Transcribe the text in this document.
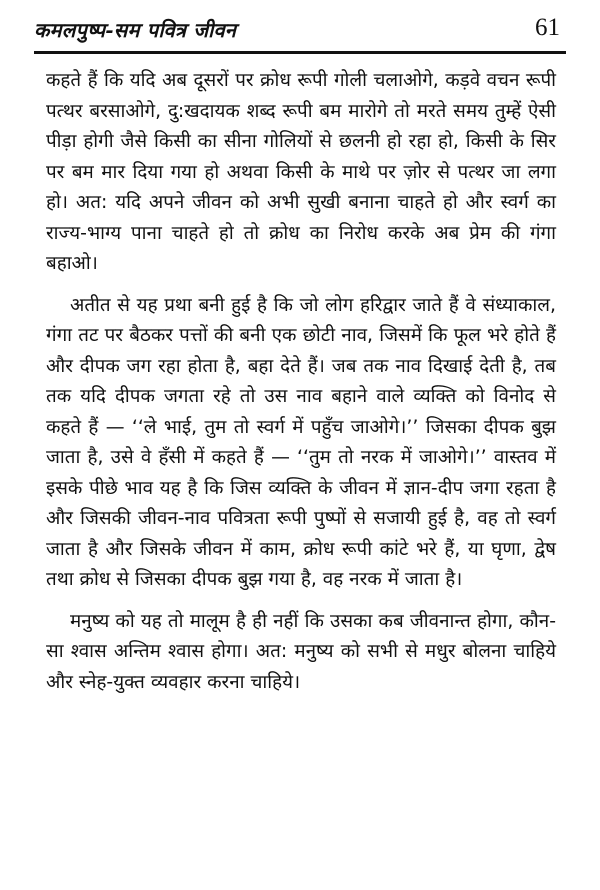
कमलपुष्प-सम पवित्र जीवन	61

कहते हैं कि यदि अब दूसरों पर क्रोध रूपी गोली चलाओगे, कड़वे वचन रूपी पत्थर बरसाओगे, दु:खदायक शब्द रूपी बम मारोगे तो मरते समय तुम्हें ऐसी पीड़ा होगी जैसे किसी का सीना गोलियों से छलनी हो रहा हो, किसी के सिर पर बम मार दिया गया हो अथवा किसी के माथे पर ज़ोर से पत्थर जा लगा हो। अत: यदि अपने जीवन को अभी सुखी बनाना चाहते हो और स्वर्ग का राज्य-भाग्य पाना चाहते हो तो क्रोध का निरोध करके अब प्रेम की गंगा बहाओ।

अतीत से यह प्रथा बनी हुई है कि जो लोग हरिद्वार जाते हैं वे संध्याकाल, गंगा तट पर बैठकर पत्तों की बनी एक छोटी नाव, जिसमें कि फूल भरे होते हैं और दीपक जग रहा होता है, बहा देते हैं। जब तक नाव दिखाई देती है, तब तक यदि दीपक जगता रहे तो उस नाव बहाने वाले व्यक्ति को विनोद से कहते हैं — ‘‘ले भाई, तुम तो स्वर्ग में पहुँच जाओगे।’’ जिसका दीपक बुझ जाता है, उसे वे हँसी में कहते हैं — ‘‘तुम तो नरक में जाओगे।’’ वास्तव में इसके पीछे भाव यह है कि जिस व्यक्ति के जीवन में ज्ञान-दीप जगा रहता है और जिसकी जीवन-नाव पवित्रता रूपी पुष्पों से सजायी हुई है, वह तो स्वर्ग जाता है और जिसके जीवन में काम, क्रोध रूपी कांटे भरे हैं, या घृणा, द्वेष तथा क्रोध से जिसका दीपक बुझ गया है, वह नरक में जाता है।

मनुष्य को यह तो मालूम है ही नहीं कि उसका कब जीवनान्त होगा, कौन-सा श्वास अन्तिम श्वास होगा। अत: मनुष्य को सभी से मधुर बोलना चाहिये और स्नेह-युक्त व्यवहार करना चाहिये।
